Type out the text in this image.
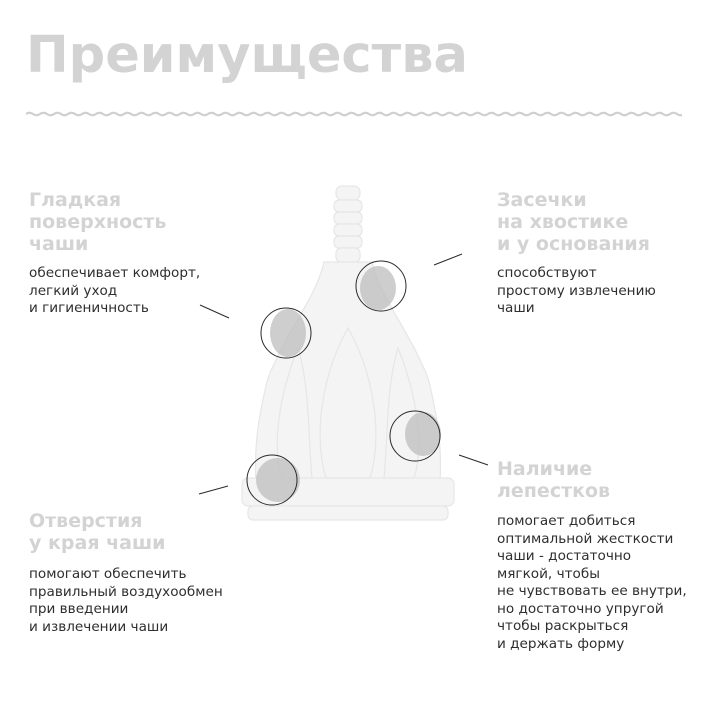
Преимущества
Гладкая
поверхность
чаши

обеспечивает комфорт,
легкий уход
и гигиеничность

Засечки
на хвостике
и у основания

способствуют
простому извлечению
чаши

Отверстия
у края чаши

помогают обеспечить
правильный воздухообмен
при введении
и извлечении чаши

Наличие
лепестков

помогает добиться
оптимальной жесткости
чаши - достаточно
мягкой, чтобы
не чувствовать ее внутри,
но достаточно упругой
чтобы раскрыться
и держать форму
